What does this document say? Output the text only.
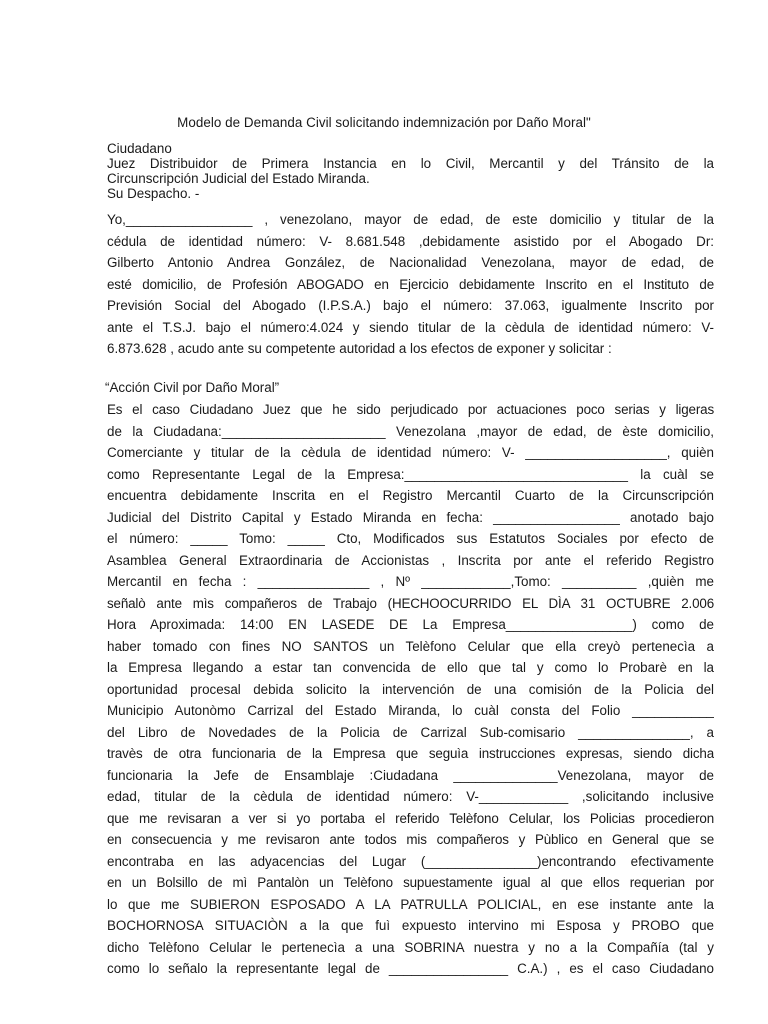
Modelo de Demanda Civil solicitando indemnización por Daño Moral"
Ciudadano
Juez Distribuidor de Primera Instancia en lo Civil, Mercantil y del Tránsito de la
Circunscripción Judicial del Estado Miranda.
Su Despacho. -
Yo,_________________ , venezolano, mayor de edad, de este domicilio y titular de la
cédula de identidad número: V- 8.681.548 ,debidamente asistido por el Abogado Dr:
Gilberto Antonio Andrea González, de Nacionalidad Venezolana, mayor de edad, de
esté domicilio, de Profesión ABOGADO en Ejercicio debidamente Inscrito en el Instituto de
Previsión Social del Abogado (I.P.S.A.) bajo el número: 37.063, igualmente Inscrito por
ante el T.S.J. bajo el número:4.024 y siendo titular de la cèdula de identidad número: V-
6.873.628 , acudo ante su competente autoridad a los efectos de exponer y solicitar :
“Acción Civil por Daño Moral”
Es el caso Ciudadano Juez que he sido perjudicado por actuaciones poco serias y ligeras
de la Ciudadana:______________________ Venezolana ,mayor de edad, de èste domicilio,
Comerciante y titular de la cèdula de identidad número: V- ___________________, quièn
como Representante Legal de la Empresa:______________________________ la cuàl se
encuentra debidamente Inscrita en el Registro Mercantil Cuarto de la Circunscripción
Judicial del Distrito Capital y Estado Miranda en fecha: _________________ anotado bajo
el número: _____ Tomo: _____ Cto, Modificados sus Estatutos Sociales por efecto de
Asamblea General Extraordinaria de Accionistas , Inscrita por ante el referido Registro
Mercantil en fecha : _______________ , Nº ____________,Tomo: __________ ,quièn me
señalò ante mìs compañeros de Trabajo (HECHOOCURRIDO EL DÌA 31 OCTUBRE 2.006
Hora Aproximada: 14:00 EN LASEDE DE La Empresa_________________) como de
haber tomado con fines NO SANTOS un Telèfono Celular que ella creyò pertenecìa a
la Empresa llegando a estar tan convencida de ello que tal y como lo Probarè en la
oportunidad procesal debida solicito la intervención de una comisión de la Policia del
Municipio Autonòmo Carrizal del Estado Miranda, lo cuàl consta del Folio ___________
del Libro de Novedades de la Policia de Carrizal Sub-comisario _______________, a
travès de otra funcionaria de la Empresa que seguìa instrucciones expresas, siendo dicha
funcionaria la Jefe de Ensamblaje :Ciudadana ______________Venezolana, mayor de
edad, titular de la cèdula de identidad número: V-____________ ,solicitando inclusive
que me revisaran a ver si yo portaba el referido Telèfono Celular, los Policias procedieron
en consecuencia y me revisaron ante todos mis compañeros y Pùblico en General que se
encontraba en las adyacencias del Lugar (_______________)encontrando efectivamente
en un Bolsillo de mì Pantalòn un Telèfono supuestamente igual al que ellos requerian por
lo que me SUBIERON ESPOSADO A LA PATRULLA POLICIAL, en ese instante ante la
BOCHORNOSA SITUACIÒN a la que fuì expuesto intervino mi Esposa y PROBO que
dicho Telèfono Celular le pertenecìa a una SOBRINA nuestra y no a la Compañía (tal y
como lo señalo la representante legal de ________________ C.A.) , es el caso Ciudadano
